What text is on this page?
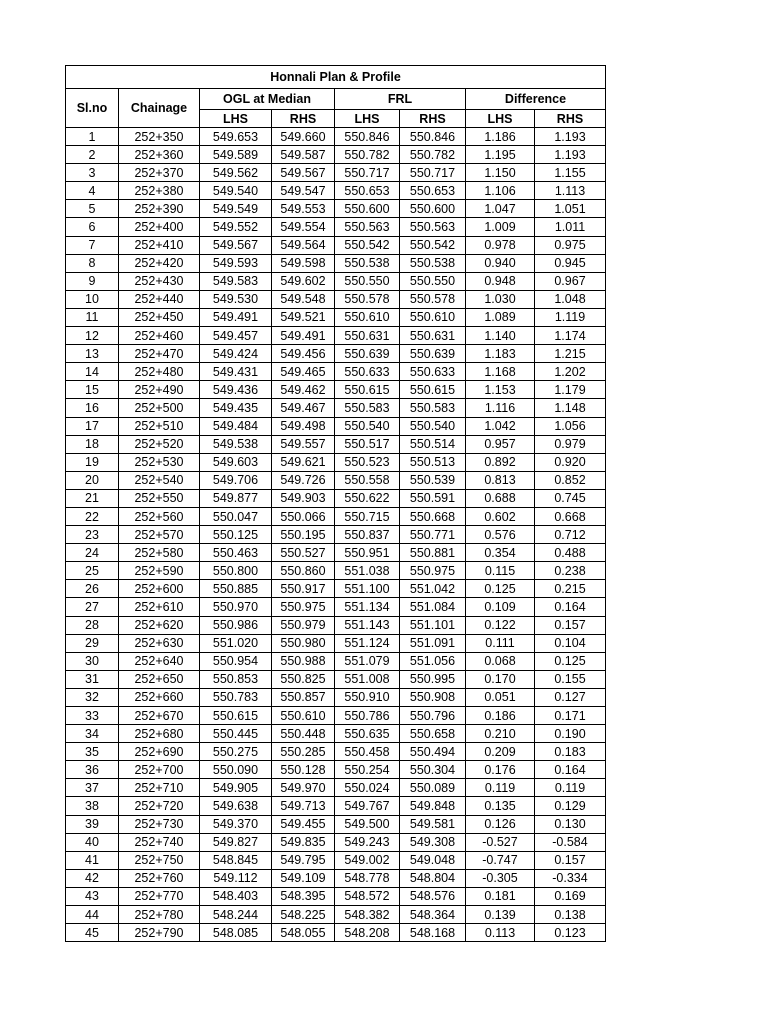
Honnali Plan & Profile							
Sl.no	Chainage	OGL at Median		FRL		Difference	
		LHS	RHS	LHS	RHS	LHS	RHS
1	252+350	549.653	549.660	550.846	550.846	1.186	1.193
2	252+360	549.589	549.587	550.782	550.782	1.195	1.193
3	252+370	549.562	549.567	550.717	550.717	1.150	1.155
4	252+380	549.540	549.547	550.653	550.653	1.106	1.113
5	252+390	549.549	549.553	550.600	550.600	1.047	1.051
6	252+400	549.552	549.554	550.563	550.563	1.009	1.011
7	252+410	549.567	549.564	550.542	550.542	0.978	0.975
8	252+420	549.593	549.598	550.538	550.538	0.940	0.945
9	252+430	549.583	549.602	550.550	550.550	0.948	0.967
10	252+440	549.530	549.548	550.578	550.578	1.030	1.048
11	252+450	549.491	549.521	550.610	550.610	1.089	1.119
12	252+460	549.457	549.491	550.631	550.631	1.140	1.174
13	252+470	549.424	549.456	550.639	550.639	1.183	1.215
14	252+480	549.431	549.465	550.633	550.633	1.168	1.202
15	252+490	549.436	549.462	550.615	550.615	1.153	1.179
16	252+500	549.435	549.467	550.583	550.583	1.116	1.148
17	252+510	549.484	549.498	550.540	550.540	1.042	1.056
18	252+520	549.538	549.557	550.517	550.514	0.957	0.979
19	252+530	549.603	549.621	550.523	550.513	0.892	0.920
20	252+540	549.706	549.726	550.558	550.539	0.813	0.852
21	252+550	549.877	549.903	550.622	550.591	0.688	0.745
22	252+560	550.047	550.066	550.715	550.668	0.602	0.668
23	252+570	550.125	550.195	550.837	550.771	0.576	0.712
24	252+580	550.463	550.527	550.951	550.881	0.354	0.488
25	252+590	550.800	550.860	551.038	550.975	0.115	0.238
26	252+600	550.885	550.917	551.100	551.042	0.125	0.215
27	252+610	550.970	550.975	551.134	551.084	0.109	0.164
28	252+620	550.986	550.979	551.143	551.101	0.122	0.157
29	252+630	551.020	550.980	551.124	551.091	0.111	0.104
30	252+640	550.954	550.988	551.079	551.056	0.068	0.125
31	252+650	550.853	550.825	551.008	550.995	0.170	0.155
32	252+660	550.783	550.857	550.910	550.908	0.051	0.127
33	252+670	550.615	550.610	550.786	550.796	0.186	0.171
34	252+680	550.445	550.448	550.635	550.658	0.210	0.190
35	252+690	550.275	550.285	550.458	550.494	0.209	0.183
36	252+700	550.090	550.128	550.254	550.304	0.176	0.164
37	252+710	549.905	549.970	550.024	550.089	0.119	0.119
38	252+720	549.638	549.713	549.767	549.848	0.135	0.129
39	252+730	549.370	549.455	549.500	549.581	0.126	0.130
40	252+740	549.827	549.835	549.243	549.308	-0.527	-0.584
41	252+750	548.845	549.795	549.002	549.048	-0.747	0.157
42	252+760	549.112	549.109	548.778	548.804	-0.305	-0.334
43	252+770	548.403	548.395	548.572	548.576	0.181	0.169
44	252+780	548.244	548.225	548.382	548.364	0.139	0.138
45	252+790	548.085	548.055	548.208	548.168	0.113	0.123
